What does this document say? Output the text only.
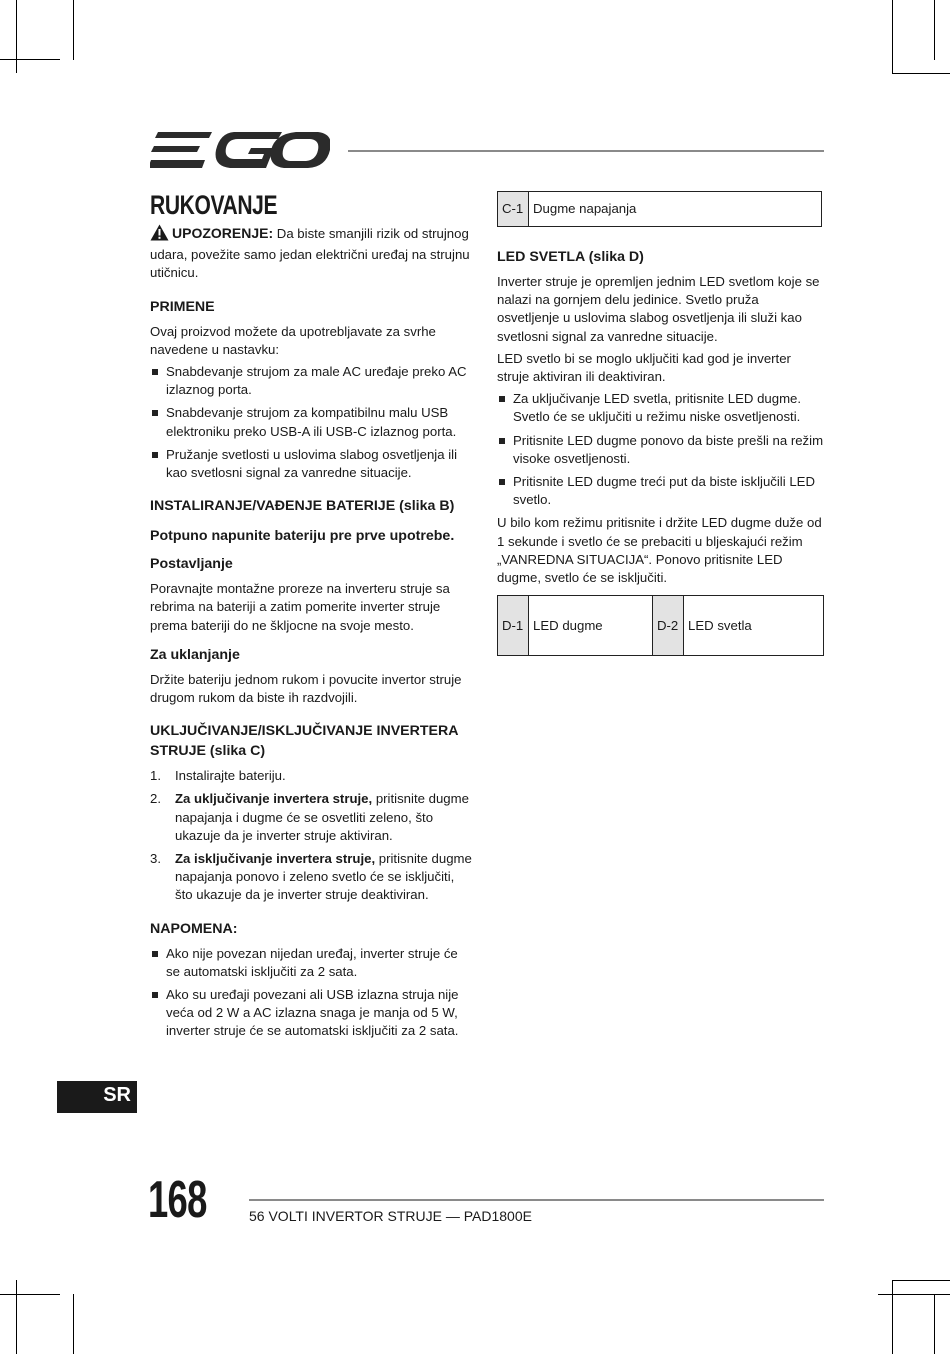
RUKOVANJE

UPOZORENJE: Da biste smanjili rizik od strujnog udara, povežite samo jedan električni uređaj na strujnu utičnicu.

PRIMENE

Ovaj proizvod možete da upotrebljavate za svrhe navedene u nastavku:

Snabdevanje strujom za male AC uređaje preko AC izlaznog porta.
Snabdevanje strujom za kompatibilnu malu USB elektroniku preko USB-A ili USB-C izlaznog porta.
Pružanje svetlosti u uslovima slabog osvetljenja ili kao svetlosni signal za vanredne situacije.
INSTALIRANJE/VAĐENJE BATERIJE (slika B)
Potpuno napunite bateriju pre prve upotrebe.
Postavljanje

Poravnajte montažne proreze na inverteru struje sa rebrima na bateriji a zatim pomerite inverter struje prema bateriji do ne škljocne na svoje mesto.

Za uklanjanje

Držite bateriju jednom rukom i povucite invertor struje drugom rukom da biste ih razdvojili.

UKLJUČIVANJE/ISKLJUČIVANJE INVERTERA STRUJE (slika C)
1. Instalirajte bateriju.
2. Za uključivanje invertera struje, pritisnite dugme napajanja i dugme će se osvetliti zeleno, što ukazuje da je inverter struje aktiviran.
3. Za isključivanje invertera struje, pritisnite dugme napajanja ponovo i zeleno svetlo će se isključiti, što ukazuje da je inverter struje deaktiviran.
NAPOMENA:
Ako nije povezan nijedan uređaj, inverter struje će se automatski isključiti za 2 sata.
Ako su uređaji povezani ali USB izlazna struja nije veća od 2 W a AC izlazna snaga je manja od 5 W, inverter struje će se automatski isključiti za 2 sata.
C-1	Dugme napajanja
LED SVETLA (slika D)

Inverter struje je opremljen jednim LED svetlom koje se nalazi na gornjem delu jedinice. Svetlo pruža osvetljenje u uslovima slabog osvetljenja ili služi kao svetlosni signal za vanredne situacije.

LED svetlo bi se moglo uključiti kad god je inverter struje aktiviran ili deaktiviran.

Za uključivanje LED svetla, pritisnite LED dugme. Svetlo će se uključiti u režimu niske osvetljenosti.
Pritisnite LED dugme ponovo da biste prešli na režim visoke osvetljenosti.
Pritisnite LED dugme treći put da biste isključili LED svetlo.

U bilo kom režimu pritisnite i držite LED dugme duže od 1 sekunde i svetlo će se prebaciti u bljeskajući režim „VANREDNA SITUACIJA“. Ponovo pritisnite LED dugme, svetlo će se isključiti.

D-1	LED dugme	D-2	LED svetla
SR
168	56 VOLTI INVERTOR STRUJE — PAD1800E
